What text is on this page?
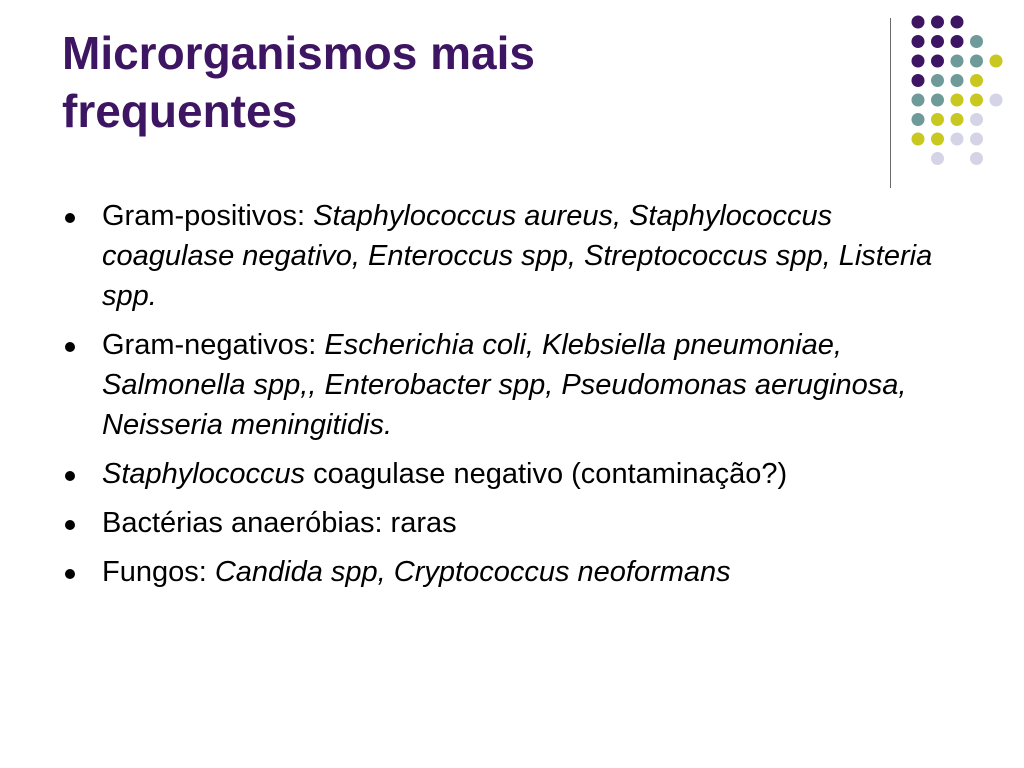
Microrganismos mais
frequentes
Gram-positivos: Staphylococcus aureus, Staphylococcus coagulase negativo, Enteroccus spp, Streptococcus spp, Listeria spp.
Gram-negativos: Escherichia coli, Klebsiella pneumoniae, Salmonella spp,, Enterobacter spp, Pseudomonas aeruginosa, Neisseria meningitidis.
Staphylococcus coagulase negativo (contaminação?)
Bactérias anaeróbias: raras
Fungos: Candida spp, Cryptococcus neoformans
